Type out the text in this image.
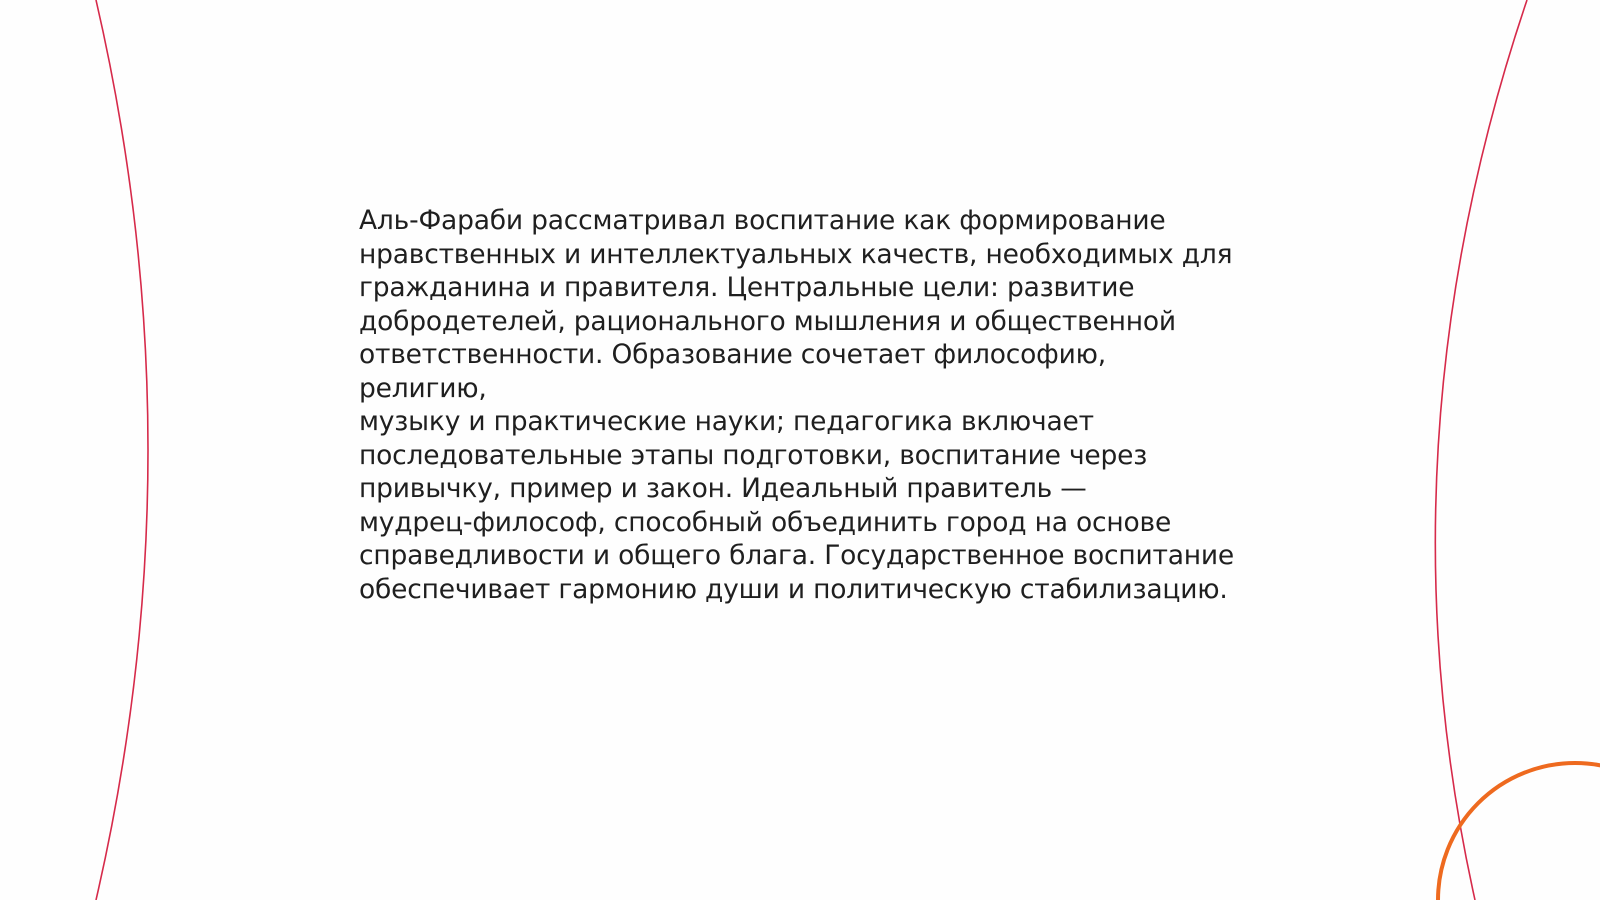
Аль-Фараби рассматривал воспитание как формирование
нравственных и интеллектуальных качеств, необходимых для
гражданина и правителя. Центральные цели: развитие
добродетелей, рационального мышления и общественной
ответственности. Образование сочетает философию, религию,
музыку и практические науки; педагогика включает
последовательные этапы подготовки, воспитание через
привычку, пример и закон. Идеальный правитель —
мудрец-философ, способный объединить город на основе
справедливости и общего блага. Государственное воспитание
обеспечивает гармонию души и политическую стабилизацию.
